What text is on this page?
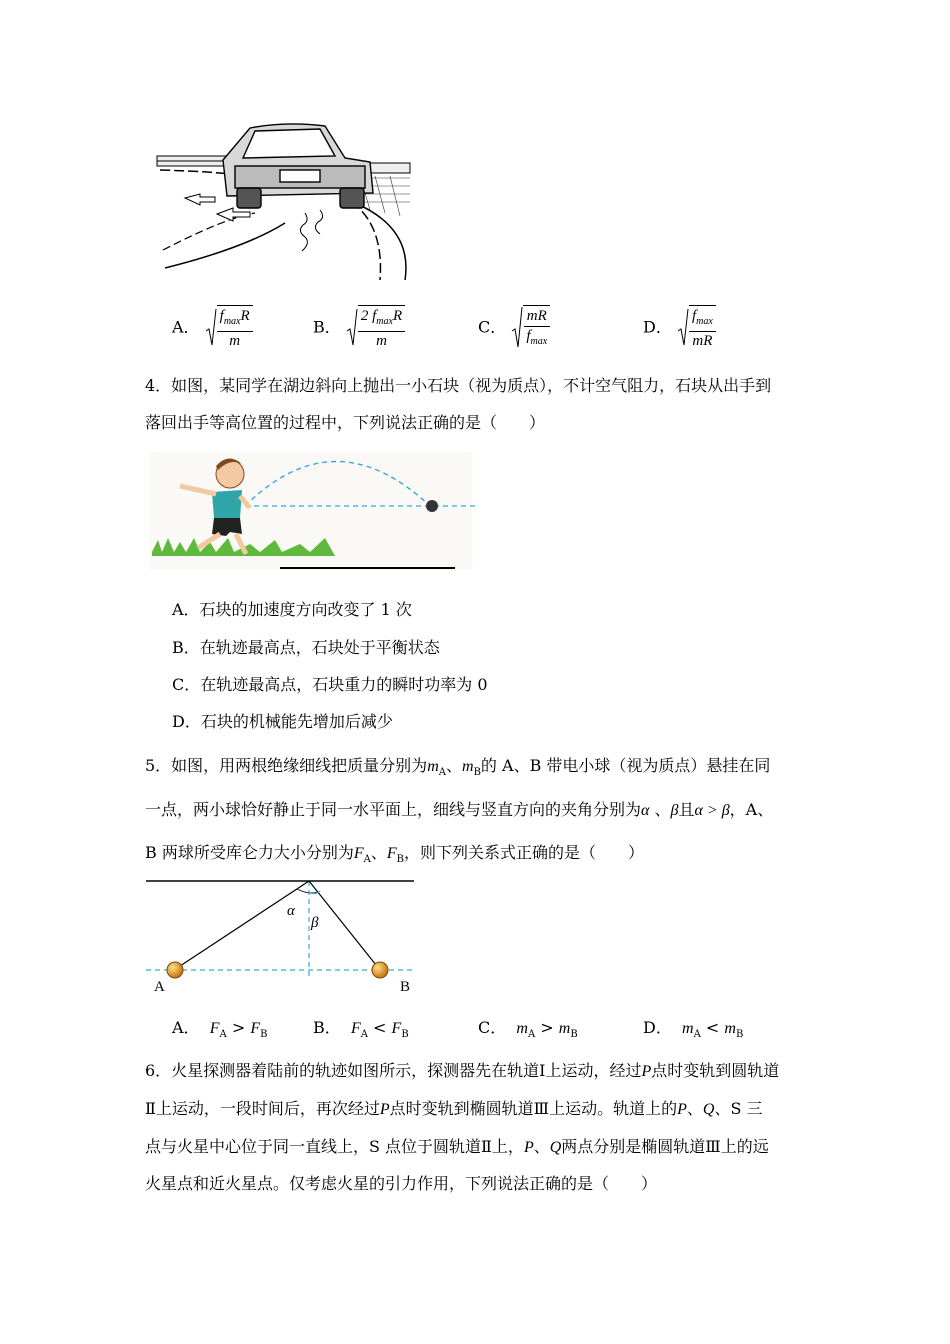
A． $\frac{f_{max}R}{m}$	B． $\frac{2 f_{max}R}{m}$	C． $\frac{mR}{f_{max}}$	D． $\frac{f_{max}}{mR}$
4．如图，某同学在湖边斜向上抛出一小石块（视为质点），不计空气阻力，石块从出手到
落回出手等高位置的过程中，下列说法正确的是（　　）
A．石块的加速度方向改变了 1 次
B．在轨迹最高点，石块处于平衡状态
C．在轨迹最高点，石块重力的瞬时功率为 0
D．石块的机械能先增加后减少
5．如图，用两根绝缘细线把质量分别为$m_A$、$m_B$的 A、B 带电小球（视为质点）悬挂在同
一点，两小球恰好静止于同一水平面上，细线与竖直方向的夹角分别为α 、β且α > β，A、
B 两球所受库仑力大小分别为$F_A$、$F_B$，则下列关系式正确的是（　　）
α
β
A	B
A． $F_A > F_B$	B． $F_A < F_B$	C． $m_A > m_B$	D． $m_A < m_B$
6．火星探测器着陆前的轨迹如图所示，探测器先在轨道Ⅰ上运动，经过P点时变轨到圆轨道
Ⅱ上运动，一段时间后，再次经过P点时变轨到椭圆轨道Ⅲ上运动。轨道上的P、Q、S 三
点与火星中心位于同一直线上，S 点位于圆轨道Ⅱ上，P、Q两点分别是椭圆轨道Ⅲ上的远
火星点和近火星点。仅考虑火星的引力作用，下列说法正确的是（　　）
